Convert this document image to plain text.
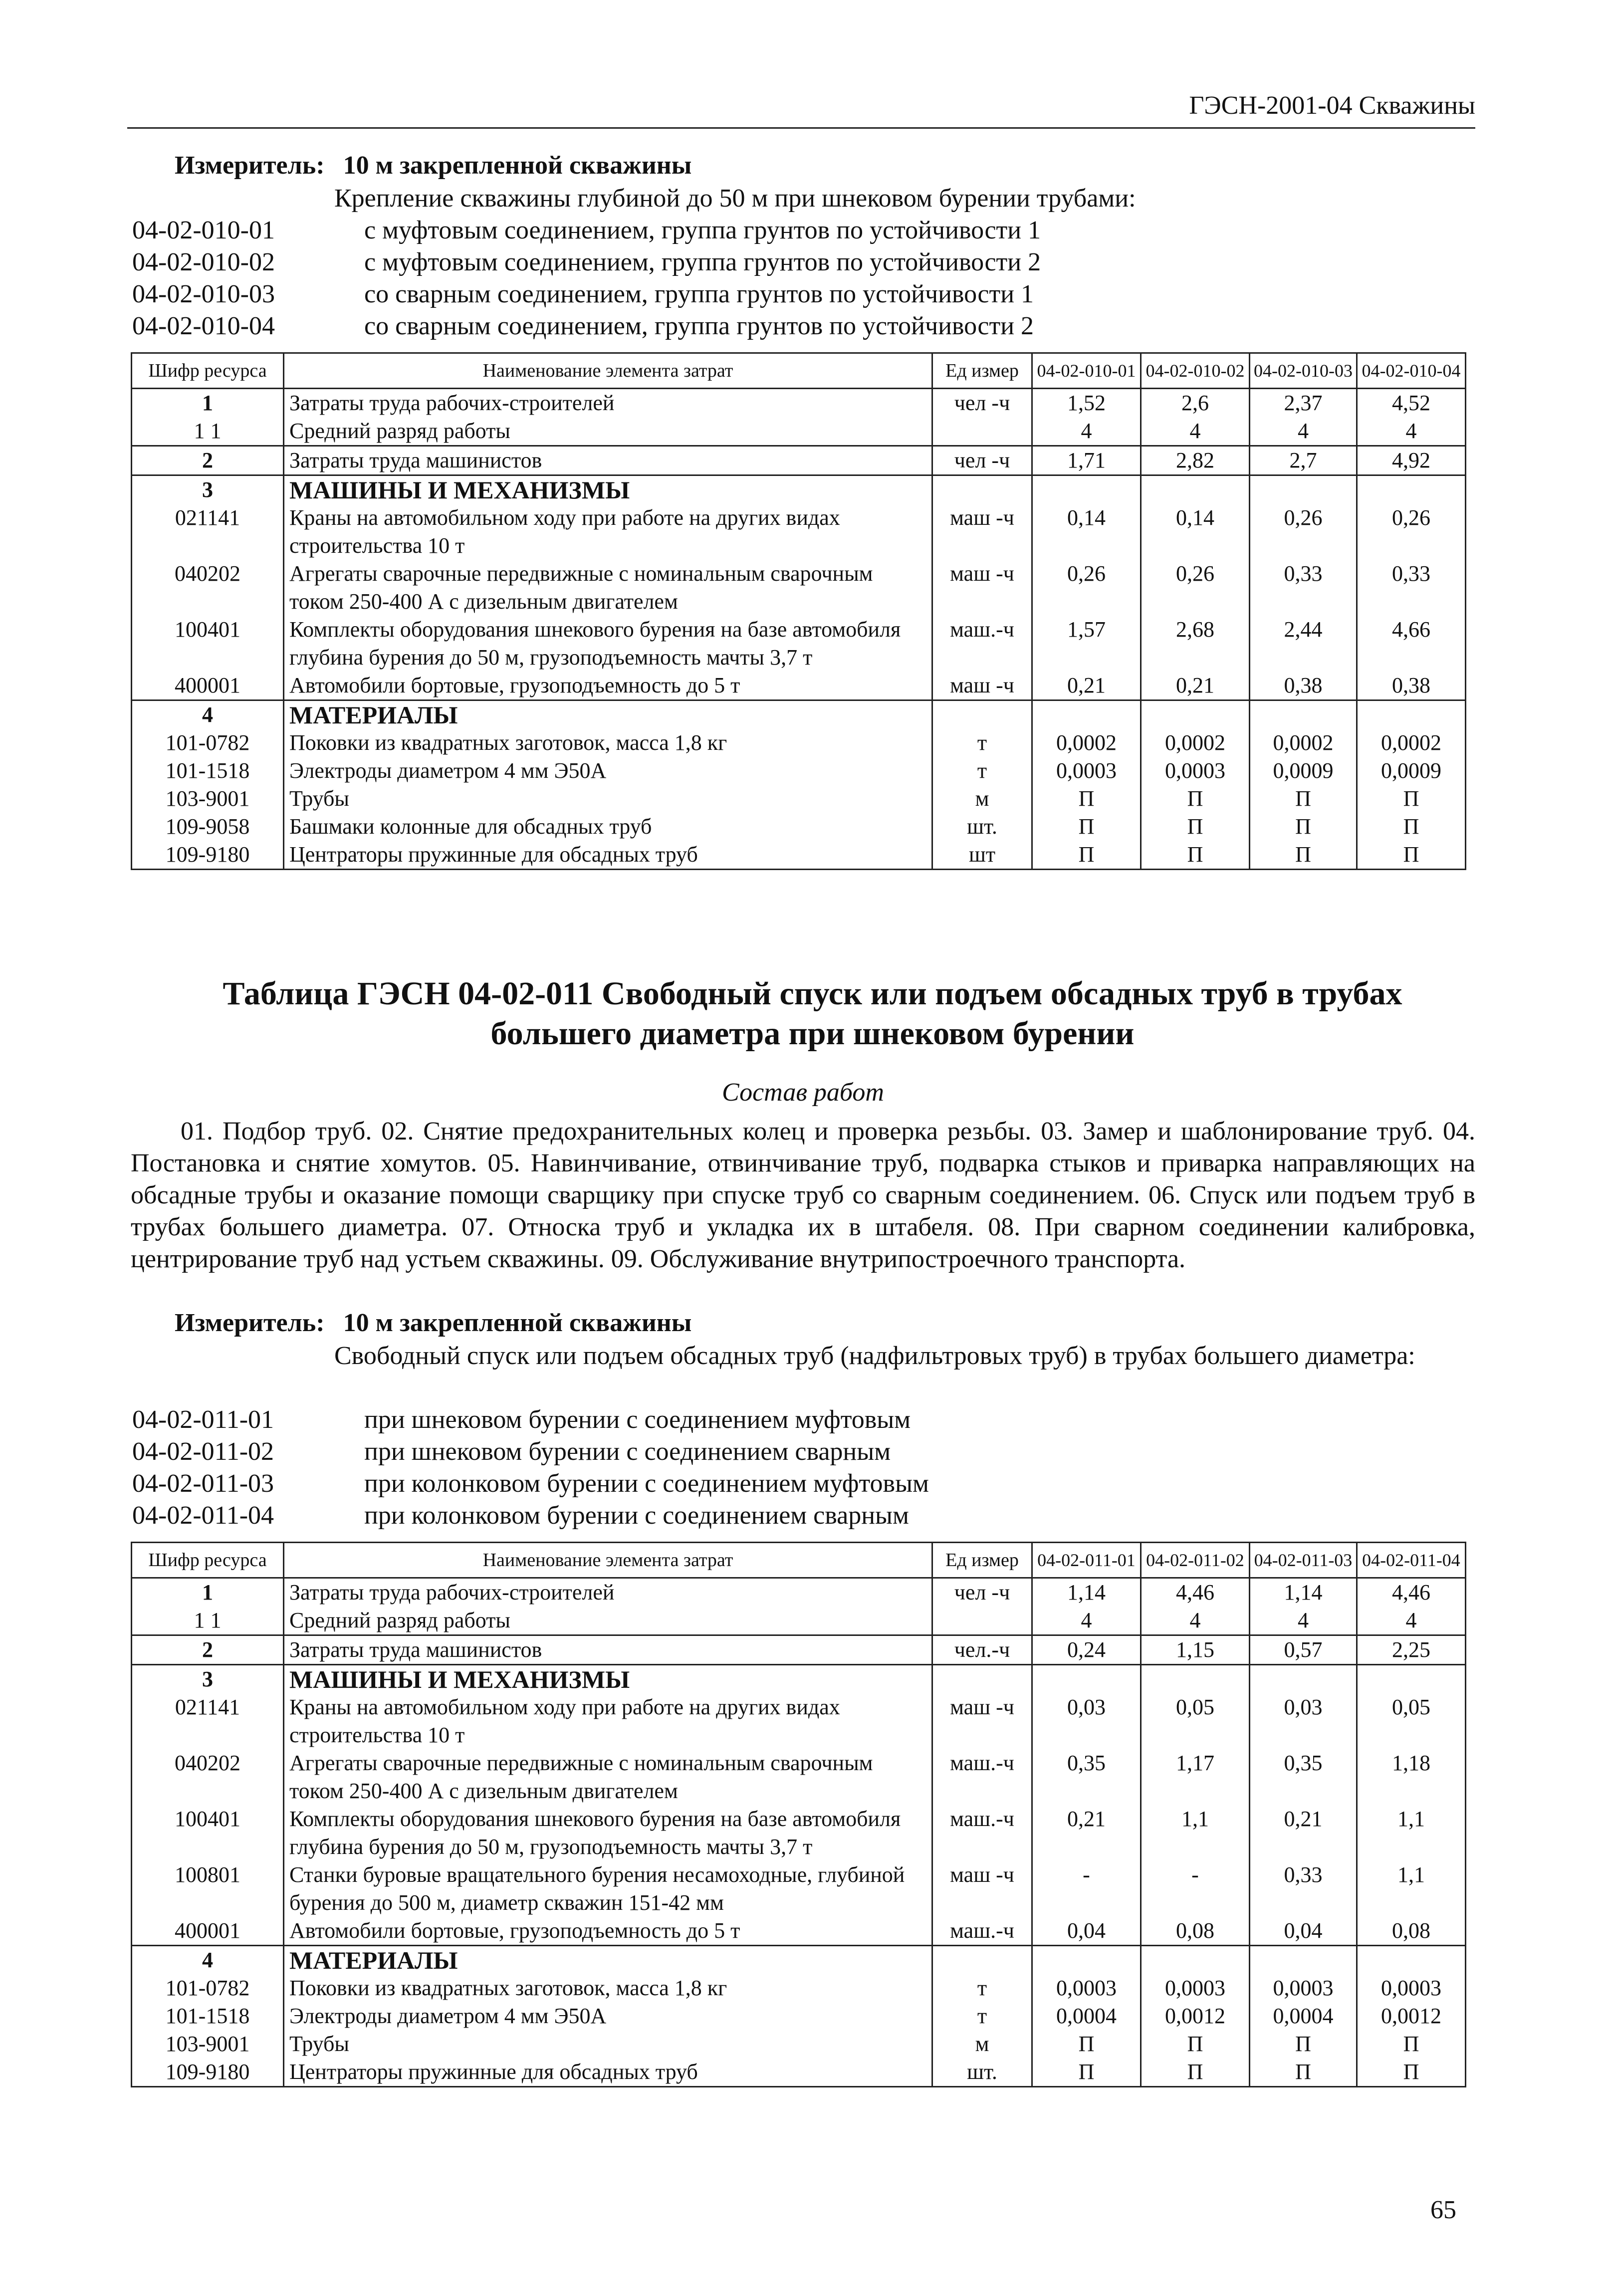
ГЭСН-2001-04 Скважины
Измеритель: 10 м закрепленной скважины
Крепление скважины глубиной до 50 м при шнековом бурении трубами:
04-02-010-01	с муфтовым соединением, группа грунтов по устойчивости 1
04-02-010-02	с муфтовым соединением, группа грунтов по устойчивости 2
04-02-010-03	со сварным соединением, группа грунтов по устойчивости 1
04-02-010-04	со сварным соединением, группа грунтов по устойчивости 2
Шифр ресурса	Наименование элемента затрат	Ед измер	04-02-010-01	04-02-010-02	04-02-010-03	04-02-010-04
1	Затраты труда рабочих-строителей	чел -ч	1,52	2,6	2,37	4,52
1 1	Средний разряд работы		4	4	4	4
2	Затраты труда машинистов	чел -ч	1,71	2,82	2,7	4,92
3	МАШИНЫ И МЕХАНИЗМЫ					
021141	Краны на автомобильном ходу при работе на других видах строительства 10 т	маш -ч	0,14	0,14	0,26	0,26
040202	Агрегаты сварочные передвижные с номинальным сварочным током 250-400 А с дизельным двигателем	маш -ч	0,26	0,26	0,33	0,33
100401	Комплекты оборудования шнекового бурения на базе автомобиля глубина бурения до 50 м, грузоподъемность мачты 3,7 т	маш.-ч	1,57	2,68	2,44	4,66
400001	Автомобили бортовые, грузоподъемность до 5 т	маш -ч	0,21	0,21	0,38	0,38
4	МАТЕРИАЛЫ					
101-0782	Поковки из квадратных заготовок, масса 1,8 кг	т	0,0002	0,0002	0,0002	0,0002
101-1518	Электроды диаметром 4 мм Э50А	т	0,0003	0,0003	0,0009	0,0009
103-9001	Трубы	м	П	П	П	П
109-9058	Башмаки колонные для обсадных труб	шт.	П	П	П	П
109-9180	Центраторы пружинные для обсадных труб	шт	П	П	П	П
Таблица ГЭСН 04-02-011 Свободный спуск или подъем обсадных труб в трубах большего диаметра при шнековом бурении
Состав работ
01. Подбор труб. 02. Снятие предохранительных колец и проверка резьбы. 03. Замер и шаблонирование труб. 04. Постановка и снятие хомутов. 05. Навинчивание, отвинчивание труб, подварка стыков и приварка направляющих на обсадные трубы и оказание помощи сварщику при спуске труб со сварным соединением. 06. Спуск или подъем труб в трубах большего диаметра. 07. Относка труб и укладка их в штабеля. 08. При сварном соединении калибровка, центрирование труб над устьем скважины. 09. Обслуживание внутрипостроечного транспорта.
Измеритель: 10 м закрепленной скважины
Свободный спуск или подъем обсадных труб (надфильтровых труб) в трубах большего диаметра:
04-02-011-01	при шнековом бурении с соединением муфтовым
04-02-011-02	при шнековом бурении с соединением сварным
04-02-011-03	при колонковом бурении с соединением муфтовым
04-02-011-04	при колонковом бурении с соединением сварным
Шифр ресурса	Наименование элемента затрат	Ед измер	04-02-011-01	04-02-011-02	04-02-011-03	04-02-011-04
1	Затраты труда рабочих-строителей	чел -ч	1,14	4,46	1,14	4,46
1 1	Средний разряд работы		4	4	4	4
2	Затраты труда машинистов	чел.-ч	0,24	1,15	0,57	2,25
3	МАШИНЫ И МЕХАНИЗМЫ					
021141	Краны на автомобильном ходу при работе на других видах строительства 10 т	маш -ч	0,03	0,05	0,03	0,05
040202	Агрегаты сварочные передвижные с номинальным сварочным током 250-400 А с дизельным двигателем	маш.-ч	0,35	1,17	0,35	1,18
100401	Комплекты оборудования шнекового бурения на базе автомобиля глубина бурения до 50 м, грузоподъемность мачты 3,7 т	маш.-ч	0,21	1,1	0,21	1,1
100801	Станки буровые вращательного бурения несамоходные, глубиной бурения до 500 м, диаметр скважин 151-42 мм	маш -ч	-	-	0,33	1,1
400001	Автомобили бортовые, грузоподъемность до 5 т	маш.-ч	0,04	0,08	0,04	0,08
4	МАТЕРИАЛЫ					
101-0782	Поковки из квадратных заготовок, масса 1,8 кг	т	0,0003	0,0003	0,0003	0,0003
101-1518	Электроды диаметром 4 мм Э50А	т	0,0004	0,0012	0,0004	0,0012
103-9001	Трубы	м	П	П	П	П
109-9180	Центраторы пружинные для обсадных труб	шт.	П	П	П	П
65
